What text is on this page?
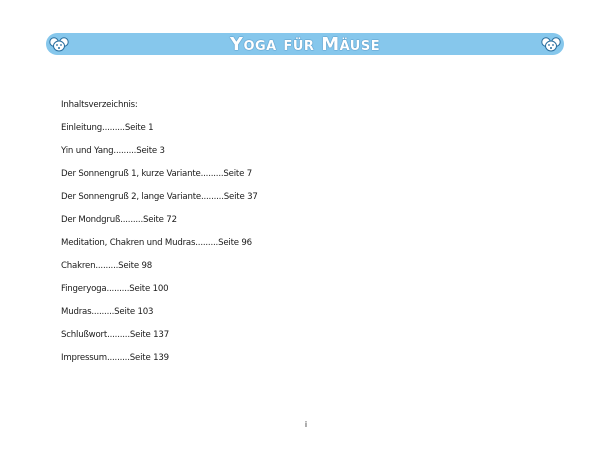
Yoga für Mäuse
Inhaltsverzeichnis:
Einleitung.........Seite 1
Yin und Yang.........Seite 3
Der Sonnengruß 1, kurze Variante.........Seite 7
Der Sonnengruß 2, lange Variante.........Seite 37
Der Mondgruß.........Seite 72
Meditation, Chakren und Mudras.........Seite 96
Chakren.........Seite 98
Fingeryoga.........Seite 100
Mudras.........Seite 103
Schlußwort.........Seite 137
Impressum.........Seite 139
i
